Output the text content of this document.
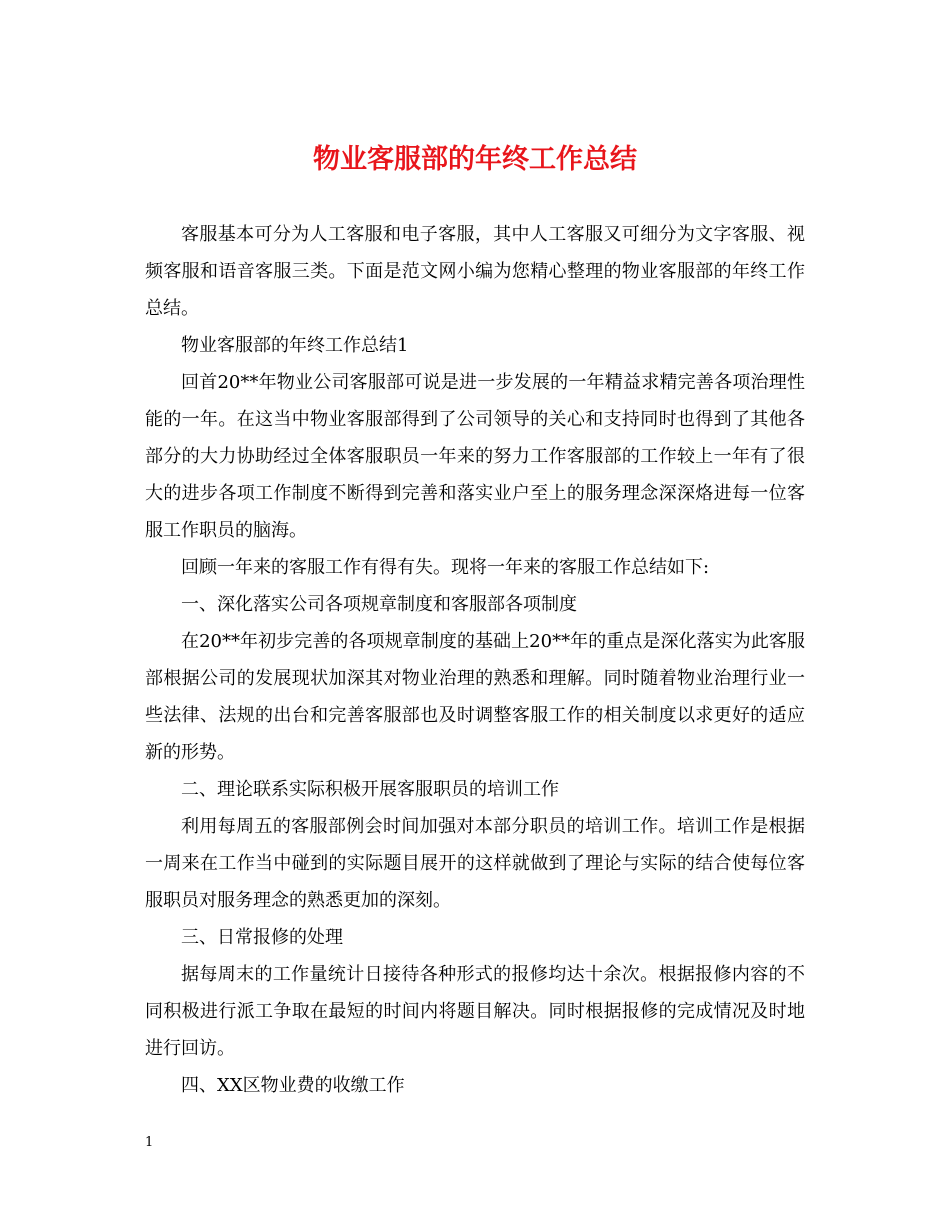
物业客服部的年终工作总结

客服基本可分为人工客服和电子客服，其中人工客服又可细分为文字客服、视频客服和语音客服三类。下面是范文网小编为您精心整理的物业客服部的年终工作总结。

物业客服部的年终工作总结1

回首20**年物业公司客服部可说是进一步发展的一年精益求精完善各项治理性能的一年。在这当中物业客服部得到了公司领导的关心和支持同时也得到了其他各部分的大力协助经过全体客服职员一年来的努力工作客服部的工作较上一年有了很大的进步各项工作制度不断得到完善和落实业户至上的服务理念深深烙进每一位客服工作职员的脑海。

回顾一年来的客服工作有得有失。现将一年来的客服工作总结如下:

一、深化落实公司各项规章制度和客服部各项制度

在20**年初步完善的各项规章制度的基础上20**年的重点是深化落实为此客服部根据公司的发展现状加深其对物业治理的熟悉和理解。同时随着物业治理行业一些法律、法规的出台和完善客服部也及时调整客服工作的相关制度以求更好的适应新的形势。

二、理论联系实际积极开展客服职员的培训工作

利用每周五的客服部例会时间加强对本部分职员的培训工作。培训工作是根据一周来在工作当中碰到的实际题目展开的这样就做到了理论与实际的结合使每位客服职员对服务理念的熟悉更加的深刻。

三、日常报修的处理

据每周末的工作量统计日接待各种形式的报修均达十余次。根据报修内容的不同积极进行派工争取在最短的时间内将题目解决。同时根据报修的完成情况及时地进行回访。

四、XX区物业费的收缴工作

1
